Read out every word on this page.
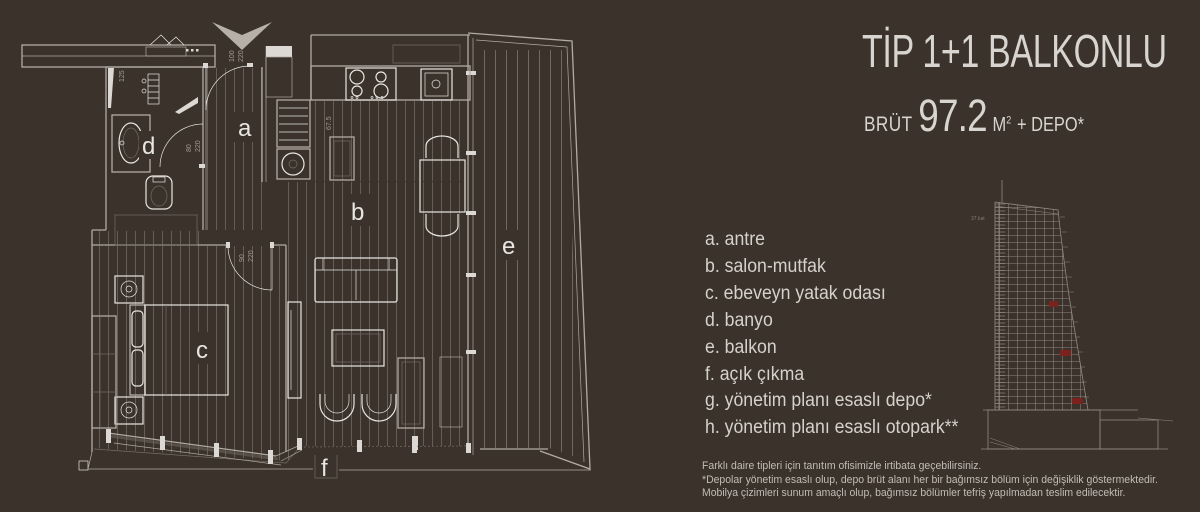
a
b
c
d
e
f
100 220
80 220
90 220
67.5
125	TİP 1+1 BALKONLU
BRÜT 97.2 $M^2$ + DEPO*
a. antre
b. salon-mutfak
c. ebeveyn yatak odası
d. banyo
e. balkon
f. açık çıkma
g. yönetim planı esaslı depo*
h. yönetim planı esaslı otopark**
37.kat
Farklı daire tipleri için tanıtım ofisimizle irtibata geçebilirsiniz.
*Depolar yönetim esaslı olup, depo brüt alanı her bir bağımsız bölüm için değişiklik göstermektedir.
Mobilya çizimleri sunum amaçlı olup, bağımsız bölümler tefriş yapılmadan teslim edilecektir.
